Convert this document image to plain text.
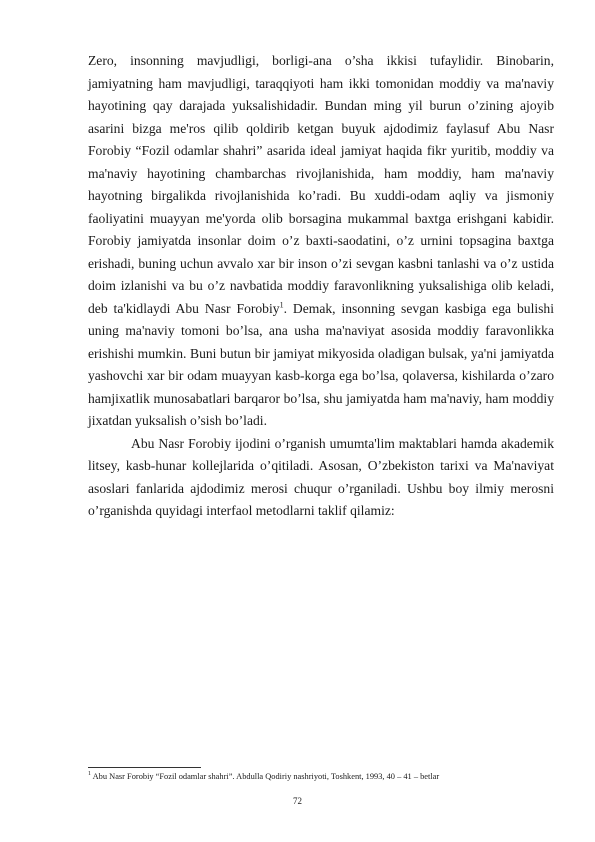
Zero, insonning mavjudligi, borligi-ana o’sha ikkisi tufaylidir. Binobarin, jamiyatning ham mavjudligi, taraqqiyoti ham ikki tomonidan moddiy va ma'naviy hayotining qay darajada yuksalishidadir. Bundan ming yil burun o’zining ajoyib asarini bizga me'ros qilib qoldirib ketgan buyuk ajdodimiz faylasuf Abu Nasr Forobiy “Fozil odamlar shahri” asarida ideal jamiyat haqida fikr yuritib, moddiy va ma'naviy hayotining chambarchas rivojlanishida, ham moddiy, ham ma'naviy hayotning birgalikda rivojlanishida ko’radi. Bu xuddi-odam aqliy va jismoniy faoliyatini muayyan me'yorda olib borsagina mukammal baxtga erishgani kabidir. Forobiy jamiyatda insonlar doim o’z baxti-saodatini, o’z urnini topsagina baxtga erishadi, buning uchun avvalo xar bir inson o’zi sevgan kasbni tanlashi va o’z ustida doim izlanishi va bu o’z navbatida moddiy faravonlikning yuksalishiga olib keladi, deb ta'kidlaydi Abu Nasr Forobiy$^1$. Demak, insonning sevgan kasbiga ega bulishi uning ma'naviy tomoni bo’lsa, ana usha ma'naviyat asosida moddiy faravonlikka erishishi mumkin. Buni butun bir jamiyat mikyosida oladigan bulsak, ya'ni jamiyatda yashovchi xar bir odam muayyan kasb-korga ega bo’lsa, qolaversa, kishilarda o’zaro hamjixatlik munosabatlari barqaror bo’lsa, shu jamiyatda ham ma'naviy, ham moddiy jixatdan yuksalish o’sish bo’ladi.

Abu Nasr Forobiy ijodini o’rganish umumta'lim maktablari hamda akademik litsey, kasb-hunar kollejlarida o’qitiladi. Asosan, O’zbekiston tarixi va Ma'naviyat asoslari fanlarida ajdodimiz merosi chuqur o’rganiladi. Ushbu boy ilmiy merosni o’rganishda quyidagi interfaol metodlarni taklif qilamiz:

$^1$ Abu Nasr Forobiy “Fozil odamlar shahri”. Abdulla Qodiriy nashriyoti, Toshkent, 1993, 40 – 41 – betlar
72
